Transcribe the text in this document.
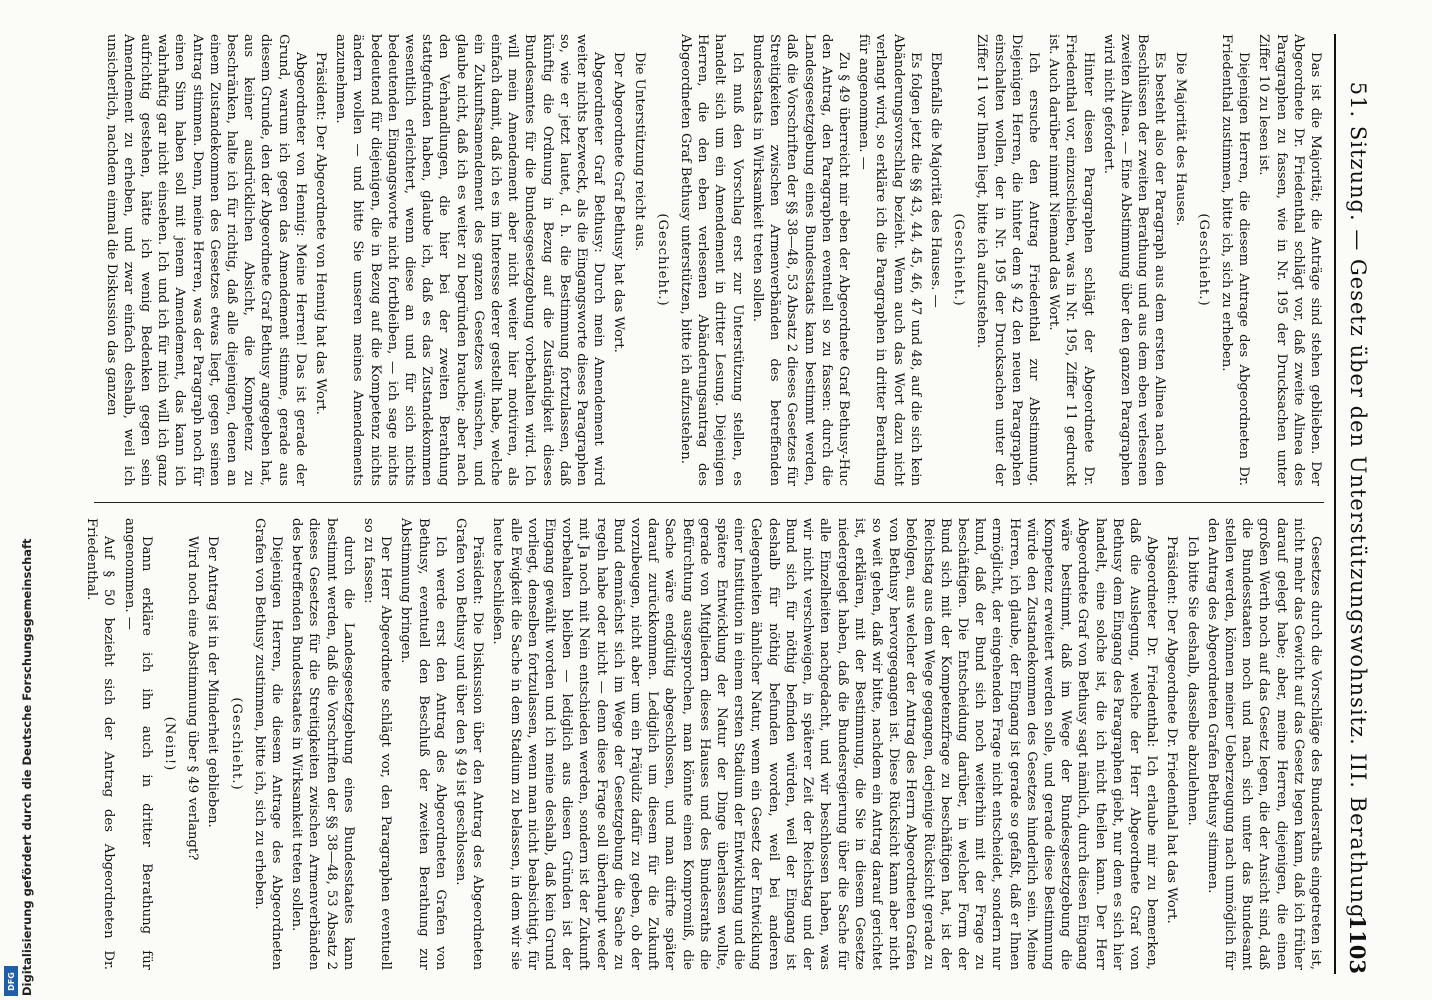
51. Sitzung. — Gesetz über den Unterstützungswohnsitz. III. Berathung.
1103

Das ist die Majorität; die Anträge sind stehen geblieben. Der Abgeordnete Dr. Friedenthal schlägt vor, daß zweite Alinea des Paragraphen zu fassen, wie in Nr. 195 der Drucksachen unter Ziffer 10 zu lesen ist.

Diejenigen Herren, die diesem Antrage des Abgeordneten Dr. Friedenthal zustimmen, bitte ich, sich zu erheben.

(Geschieht.)

Die Majorität des Hauses.

Es besteht also der Paragraph aus dem ersten Alinea nach den Beschlüssen der zweiten Berathung und aus dem eben verlesenen zweiten Alinea. — Eine Abstimmung über den ganzen Paragraphen wird nicht gefordert.

Hinter diesen Paragraphen schlägt der Abgeordnete Dr. Friedenthal vor, einzuschieben, was in Nr. 195, Ziffer 11 gedruckt ist. Auch darüber nimmt Niemand das Wort.

Ich ersuche den Antrag Friedenthal zur Abstimmung. Diejenigen Herren, die hinter dem § 42 den neuen Paragraphen einschalten wollen, der in Nr. 195 der Drucksachen unter der Ziffer 11 vor Ihnen liegt, bitte ich aufzustehen.

(Geschieht.)

Ebenfalls die Majorität des Hauses. —

Es folgen jetzt die §§ 43, 44, 45, 46, 47 und 48, auf die sich kein Abänderungsvorschlag bezieht. Wenn auch das Wort dazu nicht verlangt wird, so erkläre ich die Paragraphen in dritter Berathung für angenommen. —

Zu § 49 überreicht mir eben der Abgeordnete Graf Bethusy-Huc den Antrag, den Paragraphen eventuell so zu fassen: durch die Landesgesetzgebung eines Bundesstaats kann bestimmt werden, daß die Vorschriften der §§ 38—48, 53 Absatz 2 dieses Gesetzes für Streitigkeiten zwischen Armenverbänden des betreffenden Bundesstaats in Wirksamkeit treten sollen.

Ich muß den Vorschlag erst zur Unterstützung stellen, es handelt sich um ein Amendement in dritter Lesung. Diejenigen Herren, die den eben verlesenen Abänderungsantrag des Abgeordneten Graf Bethusy unterstützen, bitte ich aufzustehen.

(Geschieht.)

Die Unterstützung reicht aus.

Der Abgeordnete Graf Bethusy hat das Wort.

Abgeordneter Graf Bethusy: Durch mein Amendement wird weiter nichts bezweckt, als die Eingangsworte dieses Paragraphen so, wie er jetzt lautet, d. h. die Bestimmung fortzulassen, daß künftig die Ordnung in Bezug auf die Zuständigkeit dieses Bundesamtes für die Bundesgesetzgebung vorbehalten wird. Ich will mein Amendement aber nicht weiter hier motiviren, als einfach damit, daß ich es im Interesse derer gestellt habe, welche ein Zukunftsamendement des ganzen Gesetzes wünschen, und glaube nicht, daß ich es weiter zu begründen brauche; aber nach den Verhandlungen, die hier bei der zweiten Berathung stattgefunden haben, glaube ich, daß es das Zustandekommen wesentlich erleichtert, wenn diese an und für sich nichts bedeutenden Eingangsworte nicht fortbleiben, — ich sage nichts bedeutend für diejenigen, die in Bezug auf die Kompetenz nichts ändern wollen — und bitte Sie unseren meines Amendements anzunehmen.

Präsident: Der Abgeordnete von Hennig hat das Wort.

Abgeordneter von Hennig: Meine Herren! Das ist gerade der Grund, warum ich gegen das Amendement stimme, gerade aus diesem Grunde, den der Abgeordnete Graf Bethusy angegeben hat, aus keiner ausdrücklichen Absicht, die Kompetenz zu beschränken, halte ich für richtig, daß alle diejenigen, denen an einem Zustandekommen des Gesetzes etwas liegt, gegen seinen Antrag stimmen. Denn, meine Herren, was der Paragraph noch für einen Sinn haben soll mit jenem Amendement, das kann ich wahrhaftig gar nicht einsehen. Ich und ich für mich will ich ganz aufrichtig gestehen, hätte ich wenig Bedenken gegen sein Amendement zu erheben, und zwar einfach deshalb, weil ich unsicherlich, nachdem einmal die Diskussion das ganzen

Gesetzes durch die Vorschläge des Bundesraths eingetreten ist, nicht mehr das Gewicht auf das Gesetz legen kann, daß ich früher darauf gelegt habe; aber, meine Herren, diejenigen, die einen großen Werth noch auf das Gesetz legen, die der Ansicht sind, daß die Bundesstaaten noch und nach sich unter das Bundesamt stellen werden, können meiner Ueberzeugung nach unmöglich für den Antrag des Abgeordneten Grafen Bethusy stimmen.

Ich bitte Sie deshalb, dasselbe abzulehnen.

Präsident: Der Abgeordnete Dr. Friedenthal hat das Wort.

Abgeordneter Dr. Friedenthal: Ich erlaube mir zu bemerken, daß die Auslegung, welche der Herr Abgeordnete Graf von Bethusy dem Eingang des Paragraphen giebt, nur dem es sich hier handelt, eine solche ist, die ich nicht theilen kann. Der Herr Abgeordnete Graf von Bethusy sagt nämlich, durch diesen Eingang wäre bestimmt, daß im Wege der Bundesgesetzgebung die Kompetenz erweitert werden solle, und gerade diese Bestimmung würde den Zustandekommen des Gesetzes hinderlich sein. Meine Herren, ich glaube, der Eingang ist gerade so gefaßt, daß er Ihnen ermöglicht, der eingehenden Frage nicht entscheidet, sondern nur kund, daß der Bund sich noch weiterhin mit der Frage zu beschäftigen. Die Entscheidung darüber, in welcher Form der Bund sich mit der Kompetenzfrage zu beschäftigen hat, ist der Reichstag aus dem Wege gegangen, derjenige Rücksicht gerade zu befolgen, aus welcher der Antrag des Herrn Abgeordneten Grafen von Bethusy hervorgegangen ist. Diese Rücksicht kann aber nicht so weit gehen, daß wir bitte, nachdem ein Antrag darauf gerichtet ist, erklären, mit der Bestimmung, die Sie in diesem Gesetze niedergelegt haben, daß die Bundesregierung über die Sache für alle Einzelheiten nachgedacht, und wir beschlossen haben, was wir nicht verschweigen, in späterer Zeit der Reichstag und der Bund sich für nöthig befinden würden, weil der Eingang ist deshalb für nöthig befunden worden, weil bei anderen Gelegenheiten ähnlicher Natur, wenn ein Gesetz der Entwicklung einer Institution in einem ersten Stadium der Entwicklung und die spätere Entwicklung der Natur der Dinge überlassen wollte, gerade von Mitgliedern dieses Hauses und des Bundesraths die Befürchtung ausgesprochen, man könnte einen Kompromiß, die Sache wäre endgültig abgeschlossen, und man dürfte später darauf zurückkommen. Lediglich um diesem für die Zukunft vorzubeugen, nicht aber um ein Präjudiz dafür zu geben, ob der Bund demnächst sich im Wege der Gesetzgebung die Sache zu regeln habe oder nicht — denn diese Frage soll überhaupt weder mit Ja noch mit Nein entschieden werden, sondern ist der Zukunft vorbehalten bleiben — lediglich aus diesen Gründen ist der Eingang gewählt worden und ich meine deshalb, daß kein Grund vorliegt, denselben fortzulassen, wenn man nicht beabsichtigt, für alle Ewigkeit die Sache in dem Stadium zu belassen, in dem wir sie heute beschließen.

Präsident: Die Diskussion über den Antrag des Abgeordneten Grafen von Bethusy und über den § 49 ist geschlossen.

Ich werde erst den Antrag des Abgeordneten Grafen von Bethusy, eventuell den Beschluß der zweiten Berathung zur Abstimmung bringen.

Der Herr Abgeordnete schlägt vor, den Paragraphen eventuell so zu fassen:

durch die Landesgesetzgebung eines Bundesstaates kann bestimmt werden, daß die Vorschriften der §§ 38—48, 53 Absatz 2 dieses Gesetzes für die Streitigkeiten zwischen Armenverbänden des betreffenden Bundesstaates in Wirksamkeit treten sollen.

Diejenigen Herren, die diesem Antrage des Abgeordneten Grafen von Bethusy zustimmen, bitte ich, sich zu erheben.

(Geschieht.)

Der Antrag ist in der Minderheit geblieben.

Wird noch eine Abstimmung über § 49 verlangt?

(Nein!)

Dann erkläre ich ihn auch in dritter Berathung für angenommen. —

Auf § 50 bezieht sich der Antrag des Abgeordneten Dr. Friedenthal.

Digitalisierung gefördert durch die Deutsche Forschungsgemeinschaft
DFG
